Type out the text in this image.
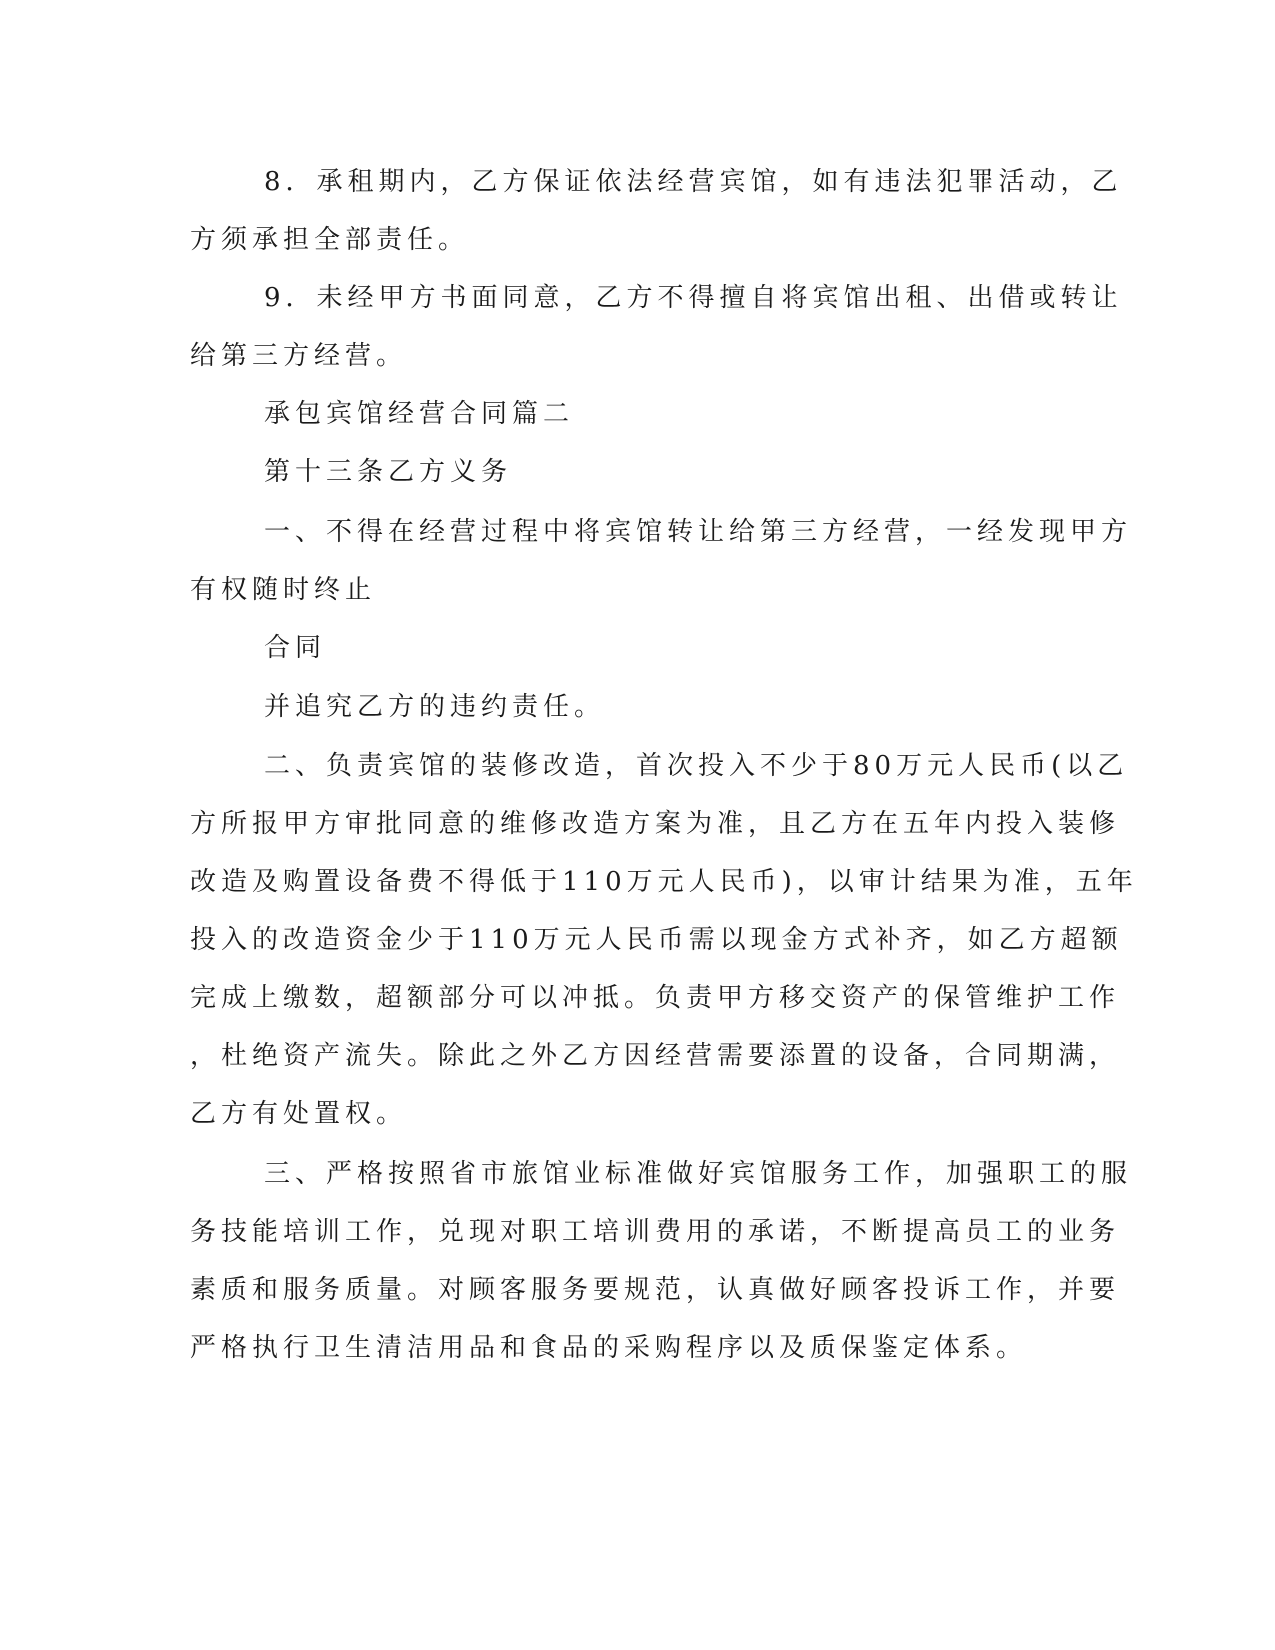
8．承租期内，乙方保证依法经营宾馆，如有违法犯罪活动，乙
方须承担全部责任。
9．未经甲方书面同意，乙方不得擅自将宾馆出租、出借或转让
给第三方经营。
承包宾馆经营合同篇二
第十三条乙方义务
一、不得在经营过程中将宾馆转让给第三方经营，一经发现甲方
有权随时终止
合同
并追究乙方的违约责任。
二、负责宾馆的装修改造，首次投入不少于80万元人民币(以乙
方所报甲方审批同意的维修改造方案为准，且乙方在五年内投入装修
改造及购置设备费不得低于110万元人民币)，以审计结果为准，五年
投入的改造资金少于110万元人民币需以现金方式补齐，如乙方超额
完成上缴数，超额部分可以冲抵。负责甲方移交资产的保管维护工作
，杜绝资产流失。除此之外乙方因经营需要添置的设备，合同期满，
乙方有处置权。
三、严格按照省市旅馆业标准做好宾馆服务工作，加强职工的服
务技能培训工作，兑现对职工培训费用的承诺，不断提高员工的业务
素质和服务质量。对顾客服务要规范，认真做好顾客投诉工作，并要
严格执行卫生清洁用品和食品的采购程序以及质保鉴定体系。
